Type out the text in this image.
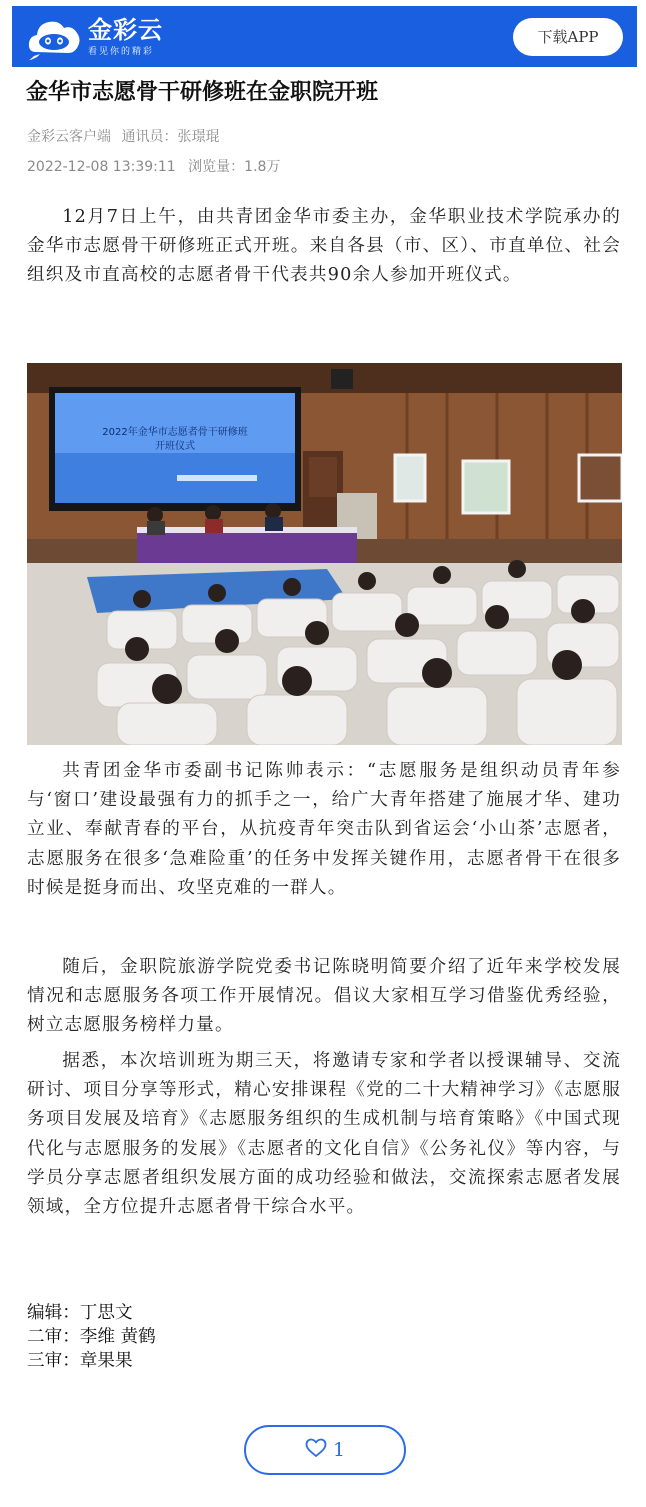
金彩云
看见你的精彩
下载APP
金华市志愿骨干研修班在金职院开班
金彩云客户端 通讯员：张璟琨
2022-12-08 13:39:11 浏览量：1.8万

12月7日上午，由共青团金华市委主办，金华职业技术学院承办的金华市志愿骨干研修班正式开班。来自各县（市、区）、市直单位、社会组织及市直高校的志愿者骨干代表共90余人参加开班仪式。

2022年金华市志愿者骨干研修班
开班仪式

共青团金华市委副书记陈帅表示：“志愿服务是组织动员青年参与‘窗口’建设最强有力的抓手之一，给广大青年搭建了施展才华、建功立业、奉献青春的平台，从抗疫青年突击队到省运会‘小山茶’志愿者，志愿服务在很多‘急难险重’的任务中发挥关键作用，志愿者骨干在很多时候是挺身而出、攻坚克难的一群人。

随后，金职院旅游学院党委书记陈晓明简要介绍了近年来学校发展情况和志愿服务各项工作开展情况。倡议大家相互学习借鉴优秀经验，树立志愿服务榜样力量。

据悉，本次培训班为期三天，将邀请专家和学者以授课辅导、交流研讨、项目分享等形式，精心安排课程《党的二十大精神学习》《志愿服务项目发展及培育》《志愿服务组织的生成机制与培育策略》《中国式现代化与志愿服务的发展》《志愿者的文化自信》《公务礼仪》等内容，与学员分享志愿者组织发展方面的成功经验和做法，交流探索志愿者发展领域，全方位提升志愿者骨干综合水平。

编辑：丁思文
二审：李维 黄鹤
三审：章果果
1
